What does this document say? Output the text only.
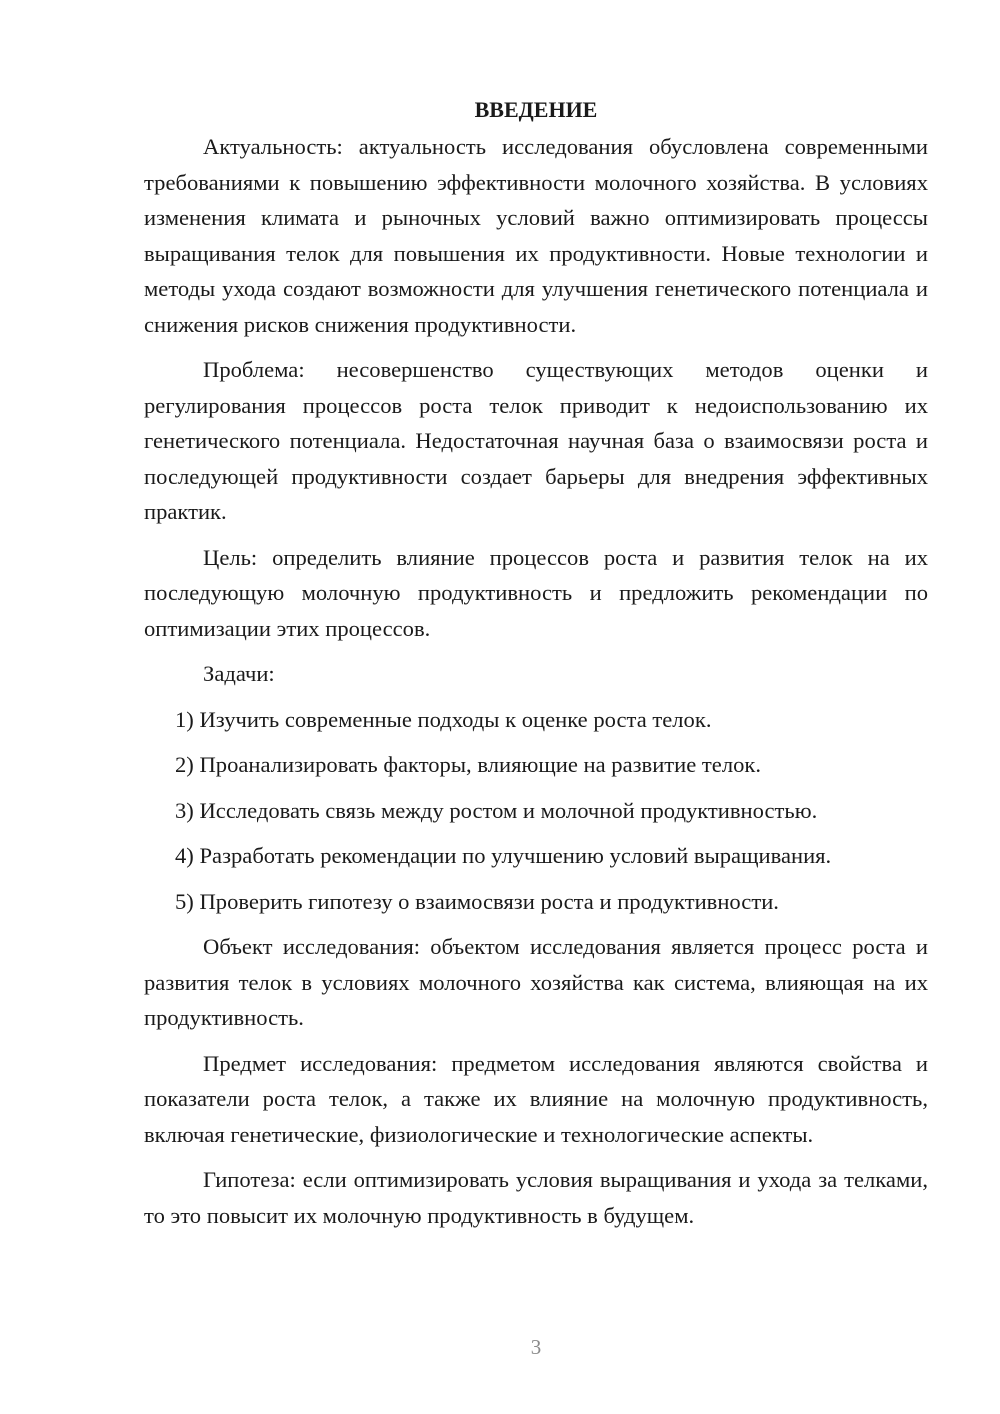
ВВЕДЕНИЕ

Актуальность: актуальность исследования обусловлена современными требованиями к повышению эффективности молочного хозяйства. В условиях изменения климата и рыночных условий важно оптимизировать процессы выращивания телок для повышения их продуктивности. Новые технологии и методы ухода создают возможности для улучшения генетического потенциала и снижения рисков снижения продуктивности.

Проблема: несовершенство существующих методов оценки и регулирования процессов роста телок приводит к недоиспользованию их генетического потенциала. Недостаточная научная база о взаимосвязи роста и последующей продуктивности создает барьеры для внедрения эффективных практик.

Цель: определить влияние процессов роста и развития телок на их последующую молочную продуктивность и предложить рекомендации по оптимизации этих процессов.

Задачи:

1) Изучить современные подходы к оценке роста телок.
2) Проанализировать факторы, влияющие на развитие телок.
3) Исследовать связь между ростом и молочной продуктивностью.
4) Разработать рекомендации по улучшению условий выращивания.
5) Проверить гипотезу о взаимосвязи роста и продуктивности.

Объект исследования: объектом исследования является процесс роста и развития телок в условиях молочного хозяйства как система, влияющая на их продуктивность.

Предмет исследования: предметом исследования являются свойства и показатели роста телок, а также их влияние на молочную продуктивность, включая генетические, физиологические и технологические аспекты.

Гипотеза: если оптимизировать условия выращивания и ухода за телками, то это повысит их молочную продуктивность в будущем.

3
